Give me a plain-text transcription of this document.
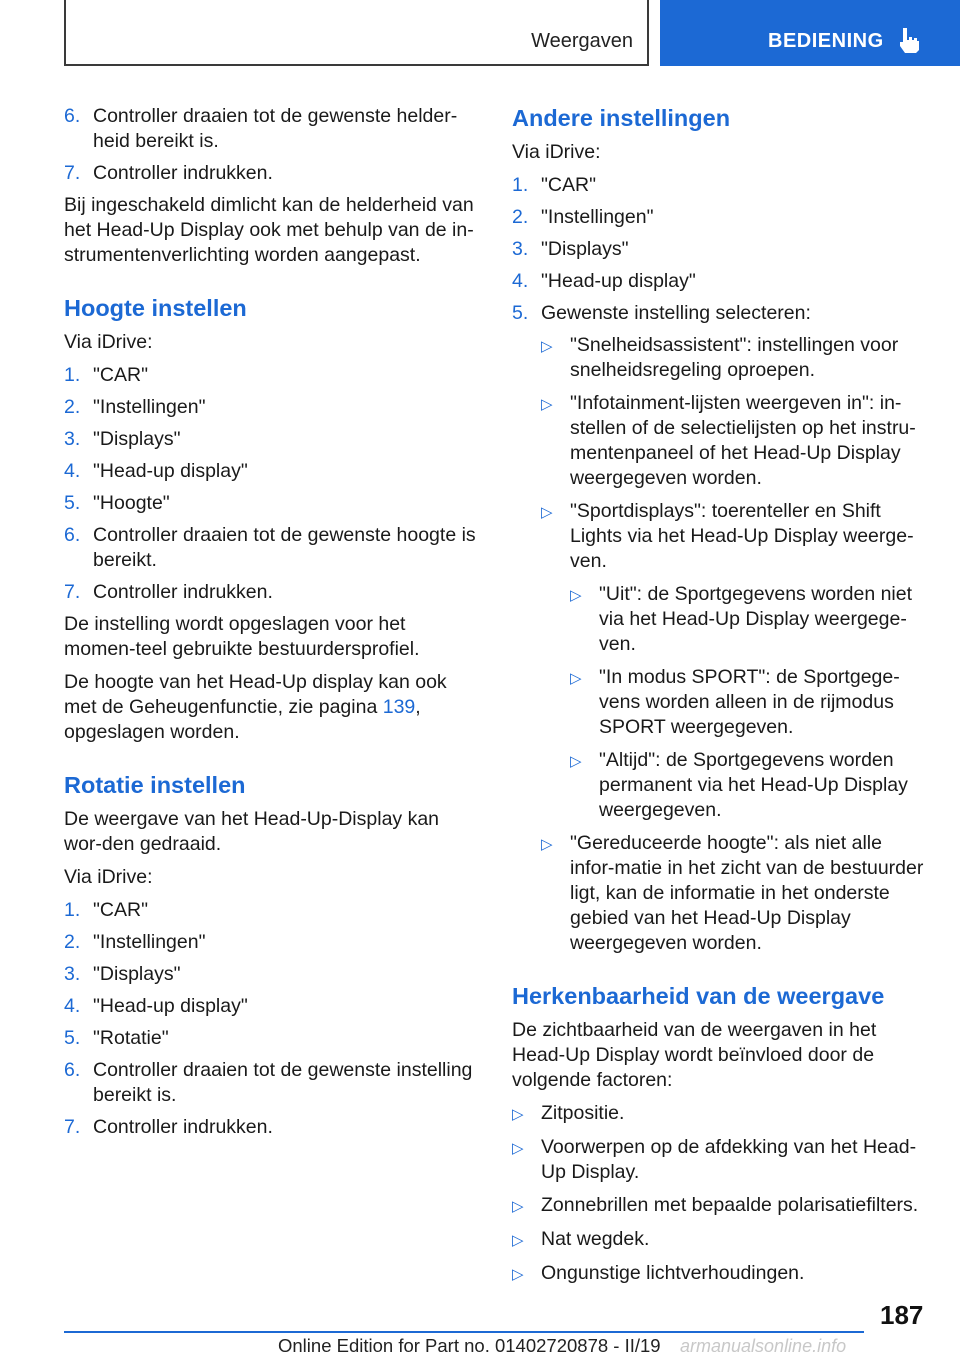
Weergaven	BEDIENING
6. Controller draaien tot de gewenste helder-heid bereikt is.
7. Controller indrukken.

Bij ingeschakeld dimlicht kan de helderheid van het Head-Up Display ook met behulp van de in-strumentenverlichting worden aangepast.

Hoogte instellen

Via iDrive:

1. "CAR"
2. "Instellingen"
3. "Displays"
4. "Head-up display"
5. "Hoogte"
6. Controller draaien tot de gewenste hoogte is bereikt.
7. Controller indrukken.

De instelling wordt opgeslagen voor het momen-teel gebruikte bestuurdersprofiel.

De hoogte van het Head-Up display kan ook met de Geheugenfunctie, zie pagina 139, opgeslagen worden.

Rotatie instellen

De weergave van het Head-Up-Display kan wor-den gedraaid.

Via iDrive:

1. "CAR"
2. "Instellingen"
3. "Displays"
4. "Head-up display"
5. "Rotatie"
6. Controller draaien tot de gewenste instelling bereikt is.
7. Controller indrukken.
Andere instellingen

Via iDrive:

1. "CAR"
2. "Instellingen"
3. "Displays"
4. "Head-up display"
5. Gewenste instelling selecteren:
▷ "Snelheidsassistent": instellingen voor snelheidsregeling oproepen.
▷ "Infotainment-lijsten weergeven in": in-stellen of de selectielijsten op het instru-mentenpaneel of het Head-Up Display weergegeven worden.
▷ "Sportdisplays": toerenteller en Shift Lights via het Head-Up Display weerge-ven.
▷ "Uit": de Sportgegevens worden niet via het Head-Up Display weergege-ven.
▷ "In modus SPORT": de Sportgege-vens worden alleen in de rijmodus SPORT weergegeven.
▷ "Altijd": de Sportgegevens worden permanent via het Head-Up Display weergegeven.
▷ "Gereduceerde hoogte": als niet alle infor-matie in het zicht van de bestuurder ligt, kan de informatie in het onderste gebied van het Head-Up Display weergegeven worden.
Herkenbaarheid van de weergave

De zichtbaarheid van de weergaven in het Head-Up Display wordt beïnvloed door de volgende factoren:

▷ Zitpositie.
▷ Voorwerpen op de afdekking van het Head-Up Display.
▷ Zonnebrillen met bepaalde polarisatiefilters.
▷ Nat wegdek.
▷ Ongunstige lichtverhoudingen.
187
Online Edition for Part no. 01402720878 - II/19 armanualsonline.info
